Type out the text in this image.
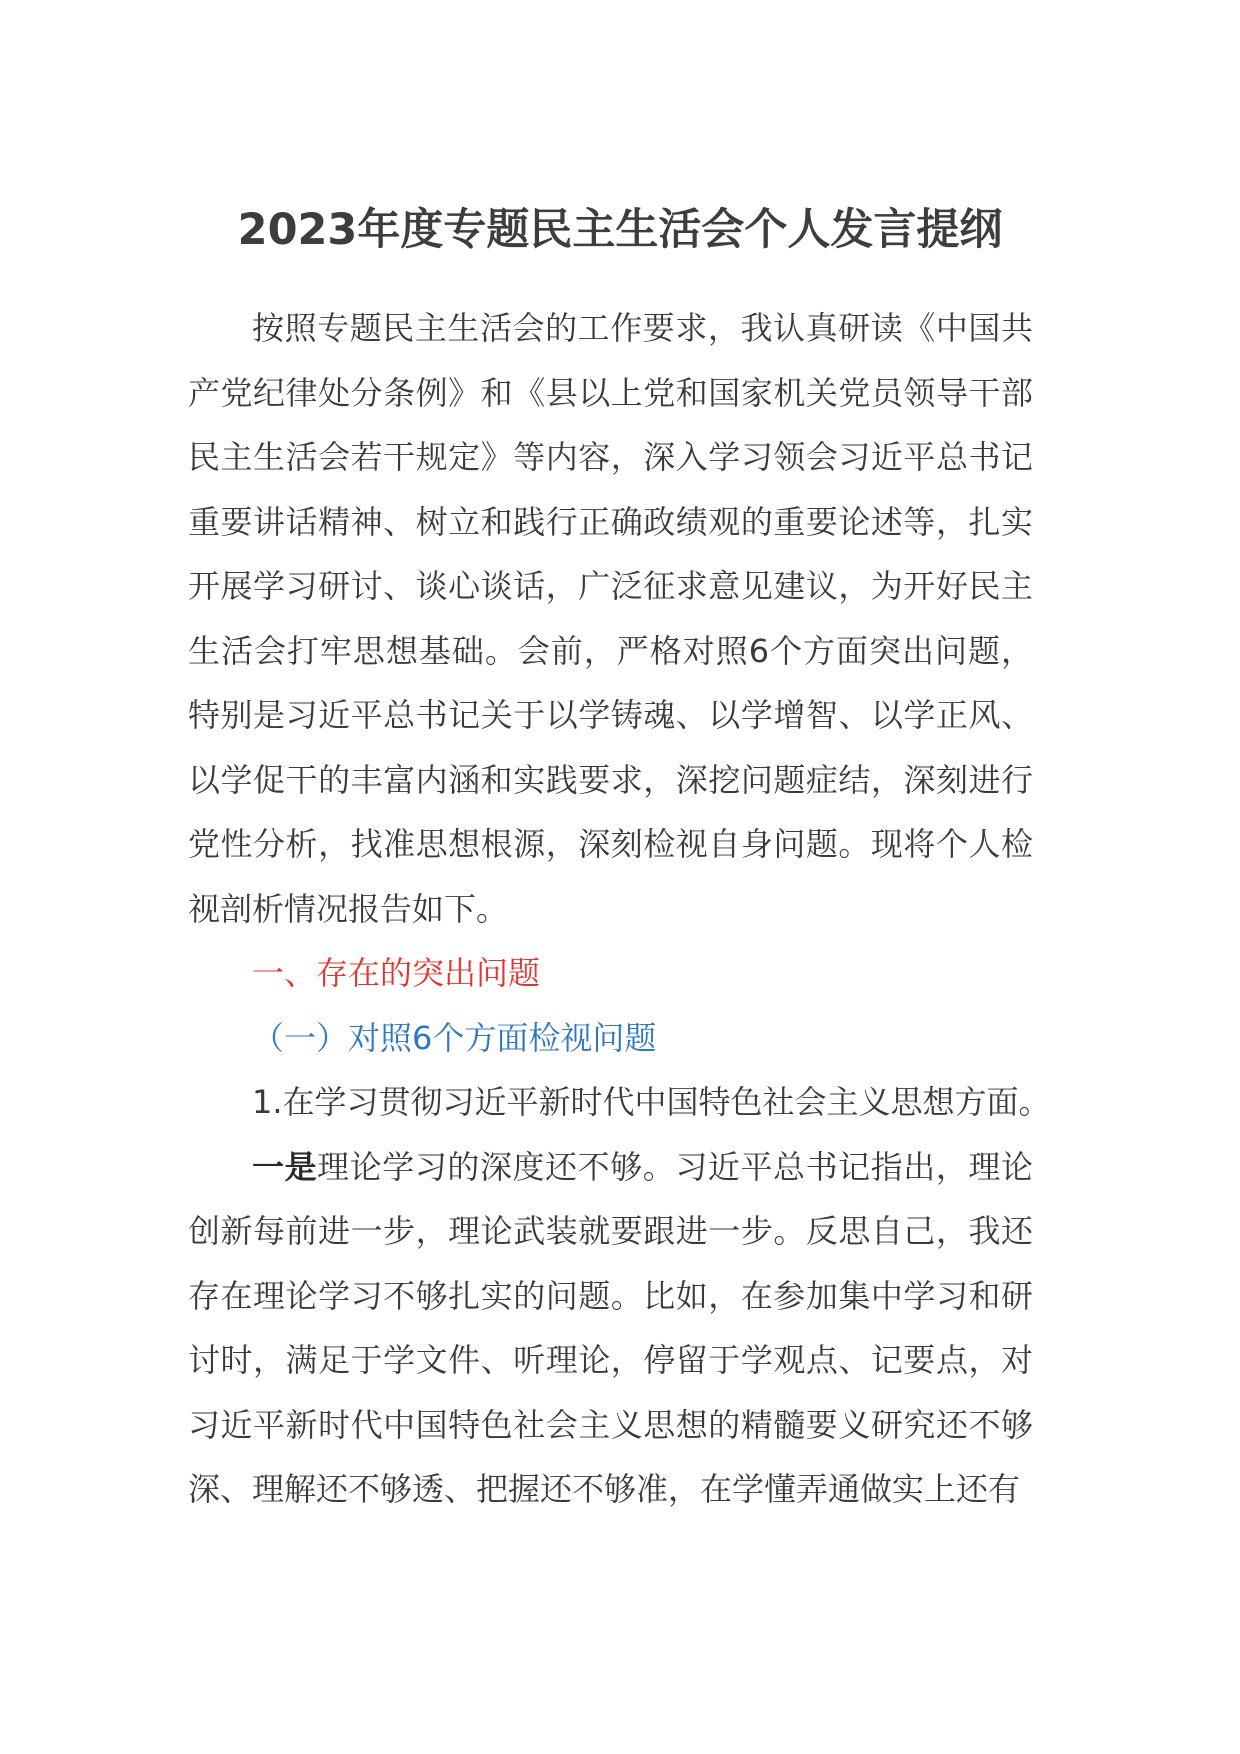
2023年度专题民主生活会个人发言提纲

按照专题民主生活会的工作要求，我认真研读《中国共产党纪律处分条例》和《县以上党和国家机关党员领导干部民主生活会若干规定》等内容，深入学习领会习近平总书记重要讲话精神、树立和践行正确政绩观的重要论述等，扎实开展学习研讨、谈心谈话，广泛征求意见建议，为开好民主生活会打牢思想基础。会前，严格对照6个方面突出问题，特别是习近平总书记关于以学铸魂、以学增智、以学正风、以学促干的丰富内涵和实践要求，深挖问题症结，深刻进行党性分析，找准思想根源，深刻检视自身问题。现将个人检视剖析情况报告如下。

一、存在的突出问题

（一）对照6个方面检视问题

1.在学习贯彻习近平新时代中国特色社会主义思想方面。

一是理论学习的深度还不够。习近平总书记指出，理论创新每前进一步，理论武装就要跟进一步。反思自己，我还存在理论学习不够扎实的问题。比如，在参加集中学习和研讨时，满足于学文件、听理论，停留于学观点、记要点，对习近平新时代中国特色社会主义思想的精髓要义研究还不够深、理解还不够透、把握还不够准，在学懂弄通做实上还有
